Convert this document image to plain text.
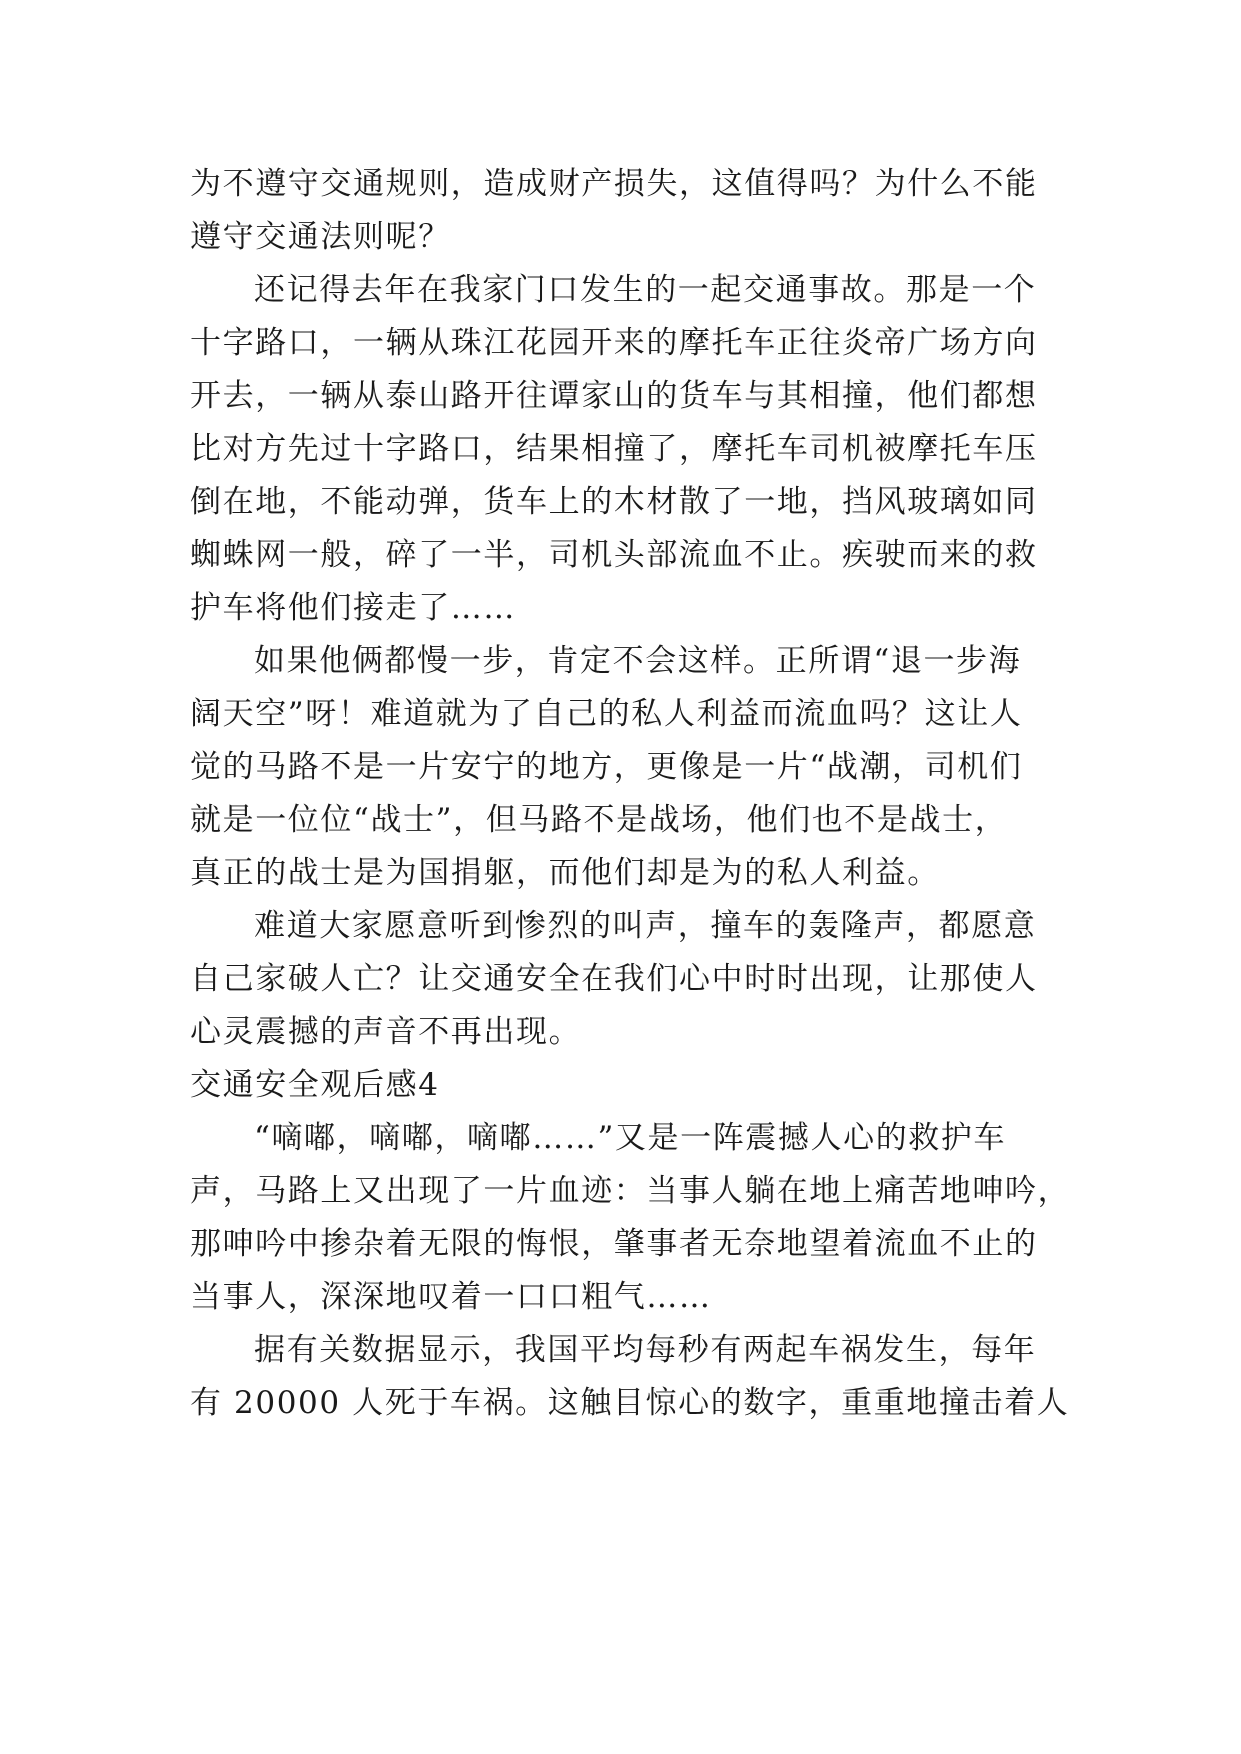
为不遵守交通规则，造成财产损失，这值得吗？为什么不能
遵守交通法则呢？
还记得去年在我家门口发生的一起交通事故。那是一个
十字路口，一辆从珠江花园开来的摩托车正往炎帝广场方向
开去，一辆从泰山路开往谭家山的货车与其相撞，他们都想
比对方先过十字路口，结果相撞了，摩托车司机被摩托车压
倒在地，不能动弹，货车上的木材散了一地，挡风玻璃如同
蜘蛛网一般，碎了一半，司机头部流血不止。疾驶而来的救
护车将他们接走了……
如果他俩都慢一步，肯定不会这样。正所谓“退一步海
阔天空”呀！难道就为了自己的私人利益而流血吗？这让人
觉的马路不是一片安宁的地方，更像是一片“战潮，司机们
就是一位位“战士”，但马路不是战场，他们也不是战士，
真正的战士是为国捐躯，而他们却是为的私人利益。
难道大家愿意听到惨烈的叫声，撞车的轰隆声，都愿意
自己家破人亡？让交通安全在我们心中时时出现，让那使人
心灵震撼的声音不再出现。
交通安全观后感4
“嘀嘟，嘀嘟，嘀嘟……”又是一阵震撼人心的救护车
声，马路上又出现了一片血迹：当事人躺在地上痛苦地呻吟，
那呻吟中掺杂着无限的悔恨，肇事者无奈地望着流血不止的
当事人，深深地叹着一口口粗气……
据有关数据显示，我国平均每秒有两起车祸发生，每年
有 20000 人死于车祸。这触目惊心的数字，重重地撞击着人
